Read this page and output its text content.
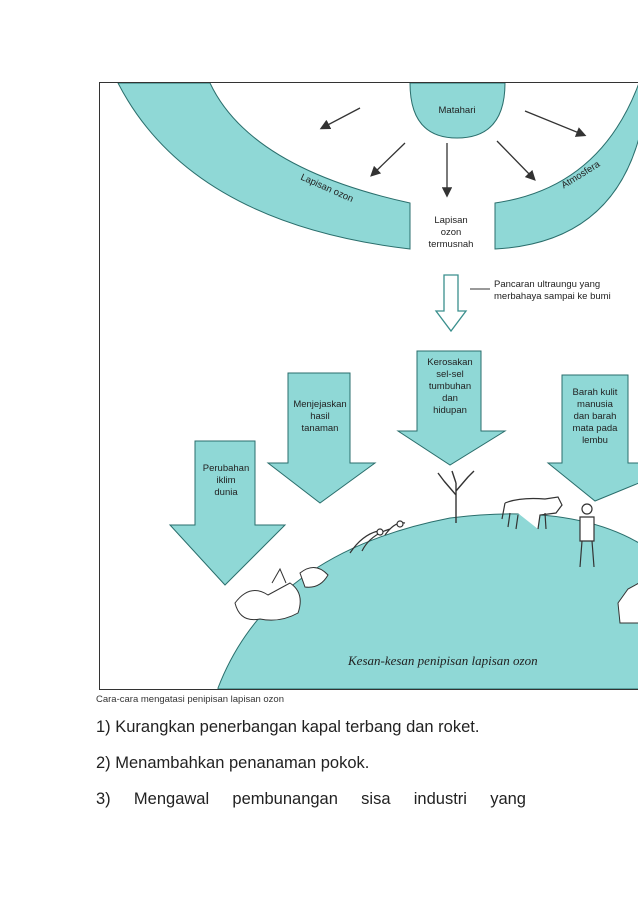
Matahari
Lapisan ozon	Atmosfera
Lapisan
ozon
termusnah
Pancaran ultraungu yang
merbahaya sampai ke bumi
Perubahan
iklim
dunia
Menjejaskan
hasil
tanaman
Kerosakan
sel-sel
tumbuhan
dan
hidupan
Barah kulit
manusia
dan barah
mata pada
lembu
Kesan-kesan penipisan lapisan ozon
Cara-cara mengatasi penipisan lapisan ozon
1) Kurangkan penerbangan kapal terbang dan roket.
2) Menambahkan penanaman pokok.
3) Mengawal pembunangan sisa industri yang
